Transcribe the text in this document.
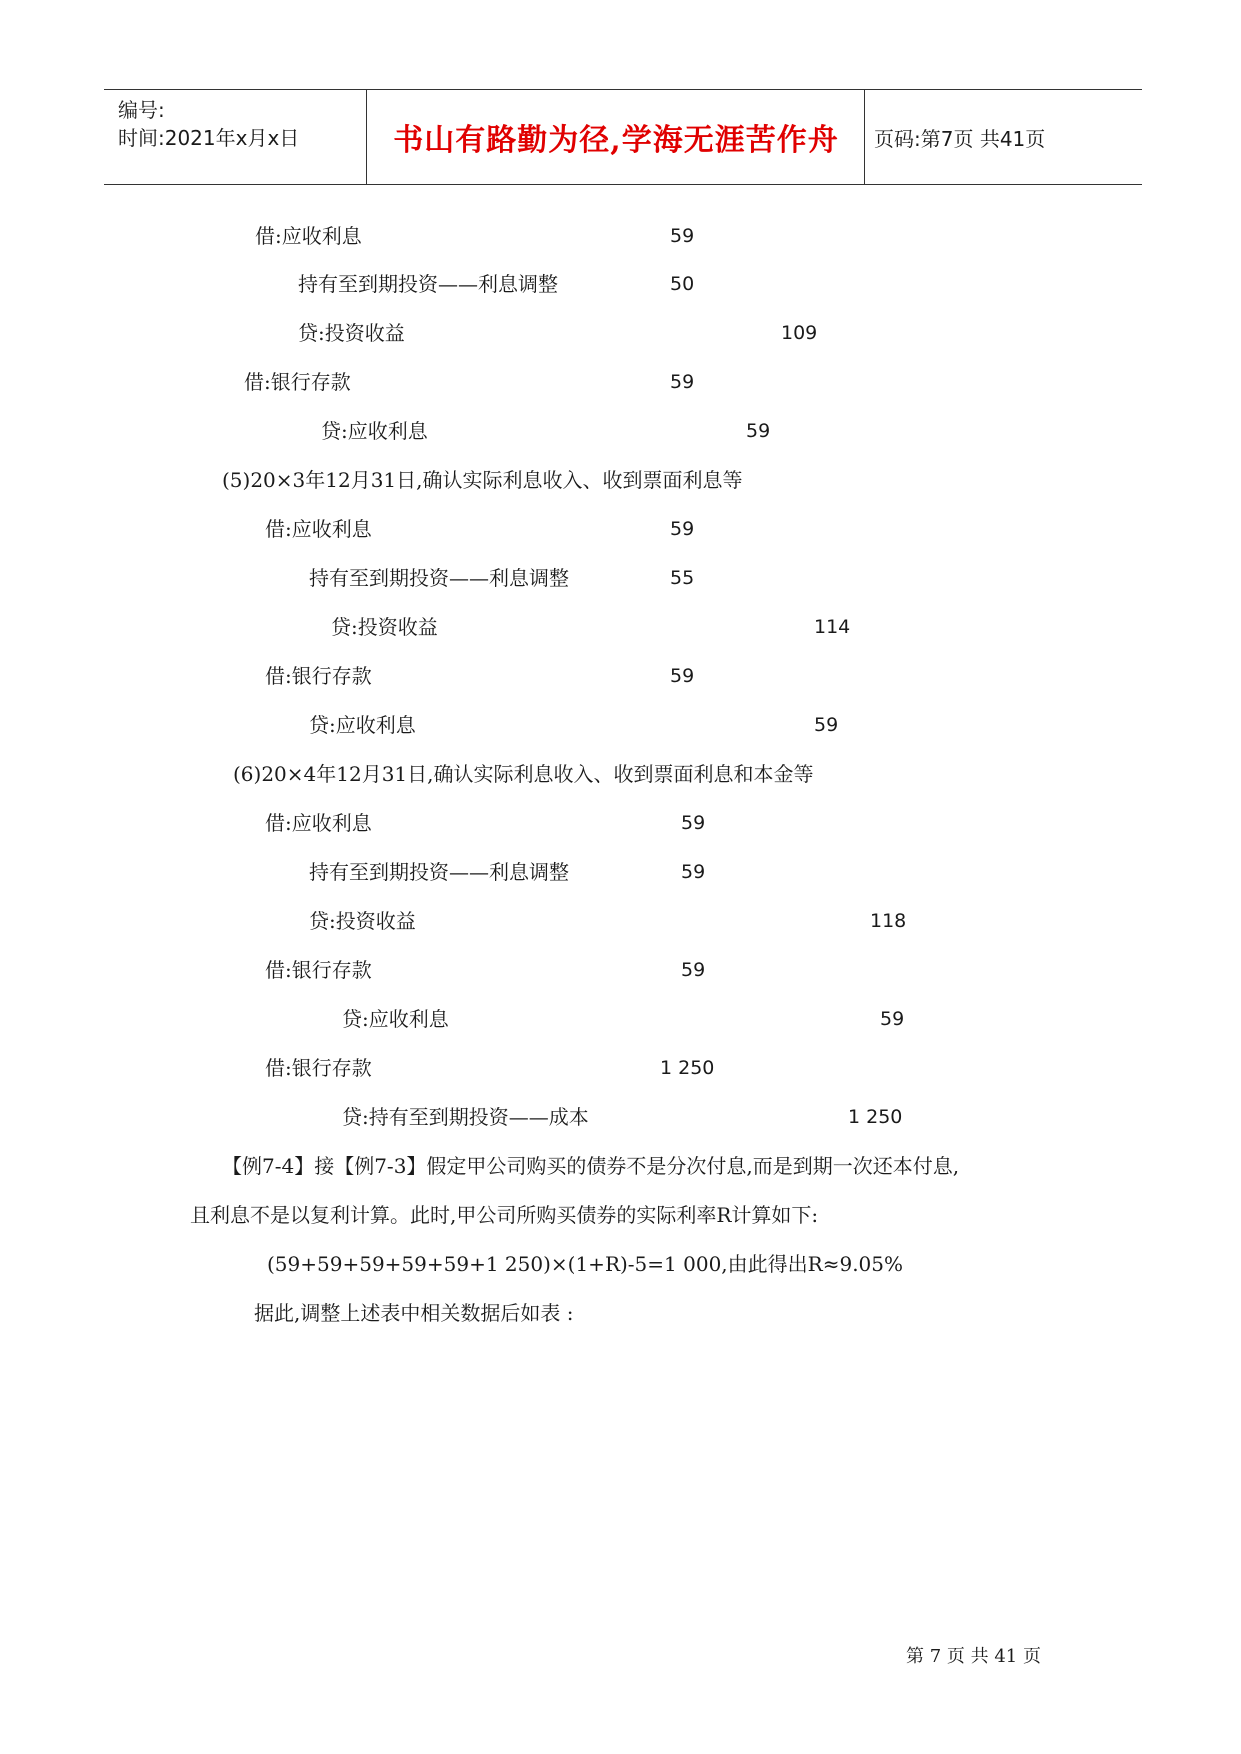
编号:
时间:2021年x月x日	书山有路勤为径,学海无涯苦作舟	页码:第7页 共41页
借:应收利息	59
持有至到期投资——利息调整	50
贷:投资收益	109
借:银行存款	59
贷:应收利息	59
(5)20×3年12月31日,确认实际利息收入、收到票面利息等
借:应收利息	59
持有至到期投资——利息调整	55
贷:投资收益	114
借:银行存款	59
贷:应收利息	59
(6)20×4年12月31日,确认实际利息收入、收到票面利息和本金等
借:应收利息	59
持有至到期投资——利息调整	59
贷:投资收益	118
借:银行存款	59
贷:应收利息	59
借:银行存款	1 250
贷:持有至到期投资——成本	1 250
【例7-4】接【例7-3】假定甲公司购买的债券不是分次付息,而是到期一次还本付息,
且利息不是以复利计算。此时,甲公司所购买债券的实际利率R计算如下:
(59+59+59+59+59+1 250)×(1+R)-5=1 000,由此得出R≈9.05%
据此,调整上述表中相关数据后如表 :
第 7 页 共 41 页
